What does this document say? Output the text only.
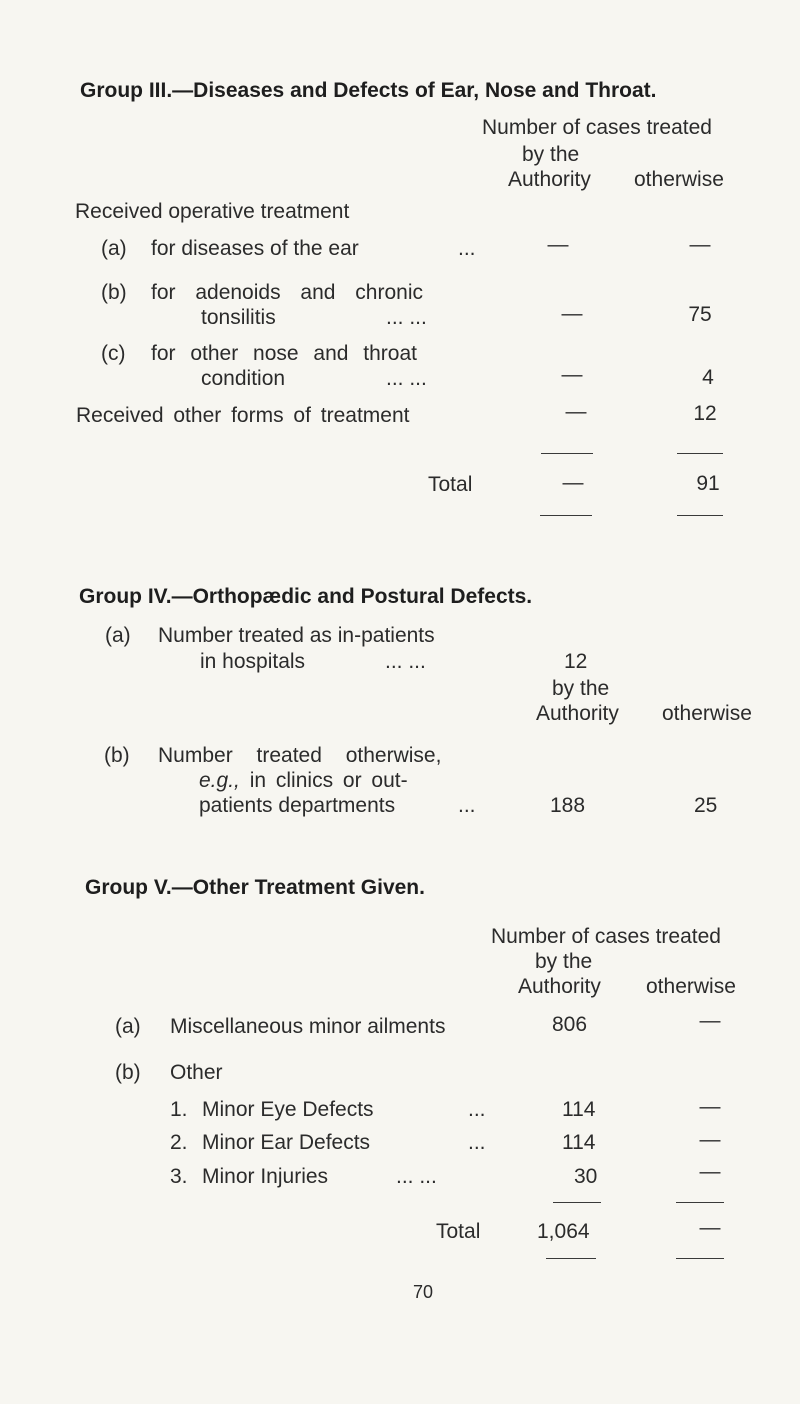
Group III.—Diseases and Defects of Ear, Nose and Throat.
Number of cases treated
by the
Authority otherwise
Received operative treatment
(a) for diseases of the ear	...	—	—
(b) for adenoids and chronic
tonsilitis	... ...	—	75
(c) for other nose and throat
condition	... ...	—	4
Received other forms of treatment	—	12
Total	—	91
Group IV.—Orthopædic and Postural Defects.
(a) Number treated as in-patients
in hospitals	... ...	12
by the
Authority otherwise
(b) Number treated otherwise,
e.g., in clinics or out-
patients departments	...	188	25
Group V.—Other Treatment Given.
Number of cases treated
by the
Authority otherwise
(a) Miscellaneous minor ailments	806	—
(b) Other
1. Minor Eye Defects	...	114	—
2. Minor Ear Defects	...	114	—
3. Minor Injuries	... ...	30	—
Total	1,064	—
70
